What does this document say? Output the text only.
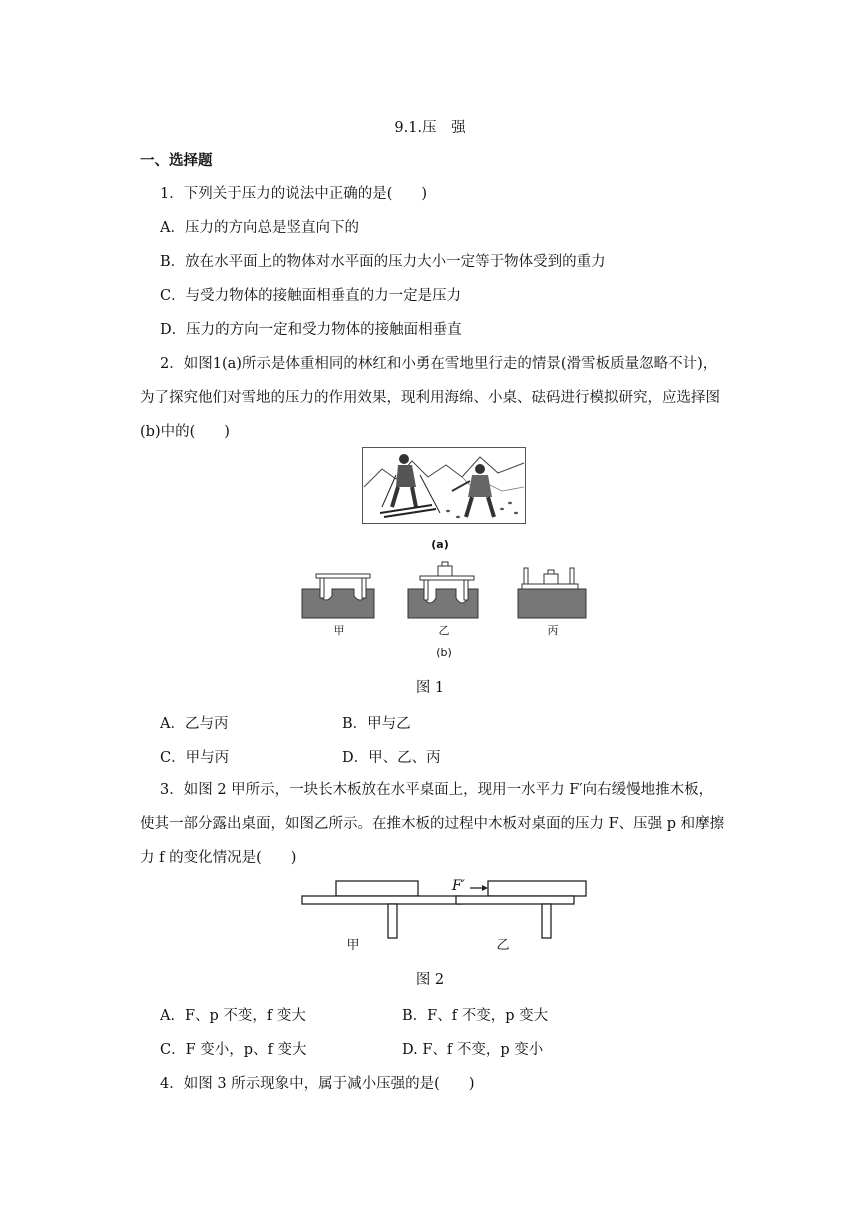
9.1.压　强
一、选择题
1．下列关于压力的说法中正确的是(　　)
A．压力的方向总是竖直向下的
B．放在水平面上的物体对水平面的压力大小一定等于物体受到的重力
C．与受力物体的接触面相垂直的力一定是压力
D．压力的方向一定和受力物体的接触面相垂直
2．如图1(a)所示是体重相同的林红和小勇在雪地里行走的情景(滑雪板质量忽略不计)，
为了探究他们对雪地的压力的作用效果，现利用海绵、小桌、砝码进行模拟研究，应选择图
(b)中的(　　)
(a)
甲	乙	丙
(b)
图 1
A．乙与丙	B．甲与乙
C．甲与丙	D．甲、乙、丙
3．如图 2 甲所示，一块长木板放在水平桌面上，现用一水平力 F′向右缓慢地推木板，
使其一部分露出桌面，如图乙所示。在推木板的过程中木板对桌面的压力 F、压强 p 和摩擦
力 f 的变化情况是(　　)
F′
甲	乙
图 2
A．F、p 不变，f 变大	B．F、f 不变，p 变大
C．F 变小，p、f 变大	D. F、f 不变，p 变小
4．如图 3 所示现象中，属于减小压强的是(　　)
